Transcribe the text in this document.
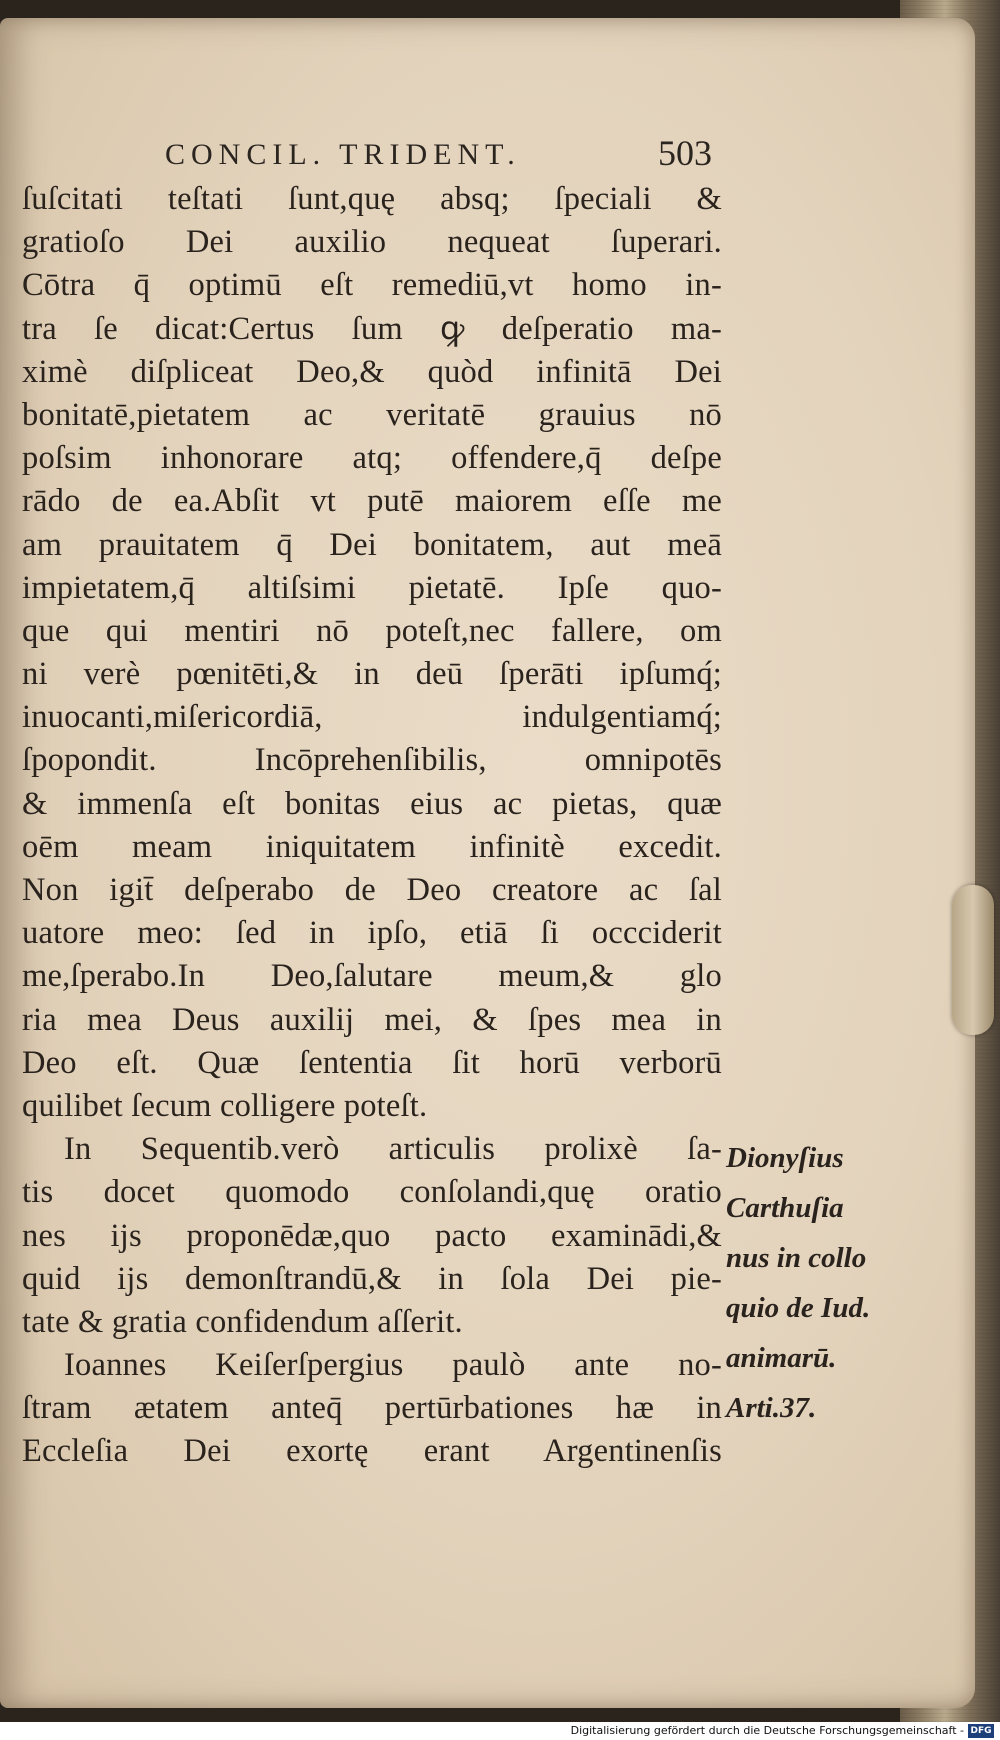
CONCIL. TRIDENT.	503
ſuſcitati teſtati ſunt,quę absq; ſpeciali &
gratioſo Dei auxilio nequeat ſuperari.
Cōtra q̄ optimū eſt remediū,vt homo in-
tra ſe dicat:Certus ſum ꝙ deſperatio ma-
ximè diſpliceat Deo,& quòd infinitā Dei
bonitatē,pietatem ac veritatē grauius nō
poſsim inhonorare atq; offendere,q̄ deſpe
rādo de ea.Abſit vt putē maiorem eſſe me
am prauitatem q̄ Dei bonitatem, aut meā
impietatem,q̄ altiſsimi pietatē. Ipſe quo-
que qui mentiri nō poteſt,nec fallere, om
ni verè pœnitēti,& in deū ſperāti ipſumq́;
inuocanti,miſericordiā, indulgentiamq́;
ſpopondit. Incōprehenſibilis, omnipotēs
& immenſa eſt bonitas eius ac pietas, quæ
oēm meam iniquitatem infinitè excedit.
Non igit̄ deſperabo de Deo creatore ac ſal
uatore meo: ſed in ipſo, etiā ſi occciderit
me,ſperabo.In Deo,ſalutare meum,& glo
ria mea Deus auxilij mei, & ſpes mea in
Deo eſt. Quæ ſententia ſit horū verborū
quilibet ſecum colligere poteſt.
In Sequentib.verò articulis prolixè ſa-
tis docet quomodo conſolandi,quę oratio
nes ijs proponēdæ,quo pacto examinādi,&
quid ijs demonſtrandū,& in ſola Dei pie-
tate & gratia confidendum aſſerit.
Ioannes Keiſerſpergius paulò ante no-
ſtram ætatem anteq̄ pertūrbationes hæ in
Eccleſia Dei exortę erant Argentinenſis
Dionyſius
Carthuſia
nus in collo
quio de Iud.
animarū.
Arti.37.
Digitalisierung gefördert durch die Deutsche Forschungsgemeinschaft - DFG
